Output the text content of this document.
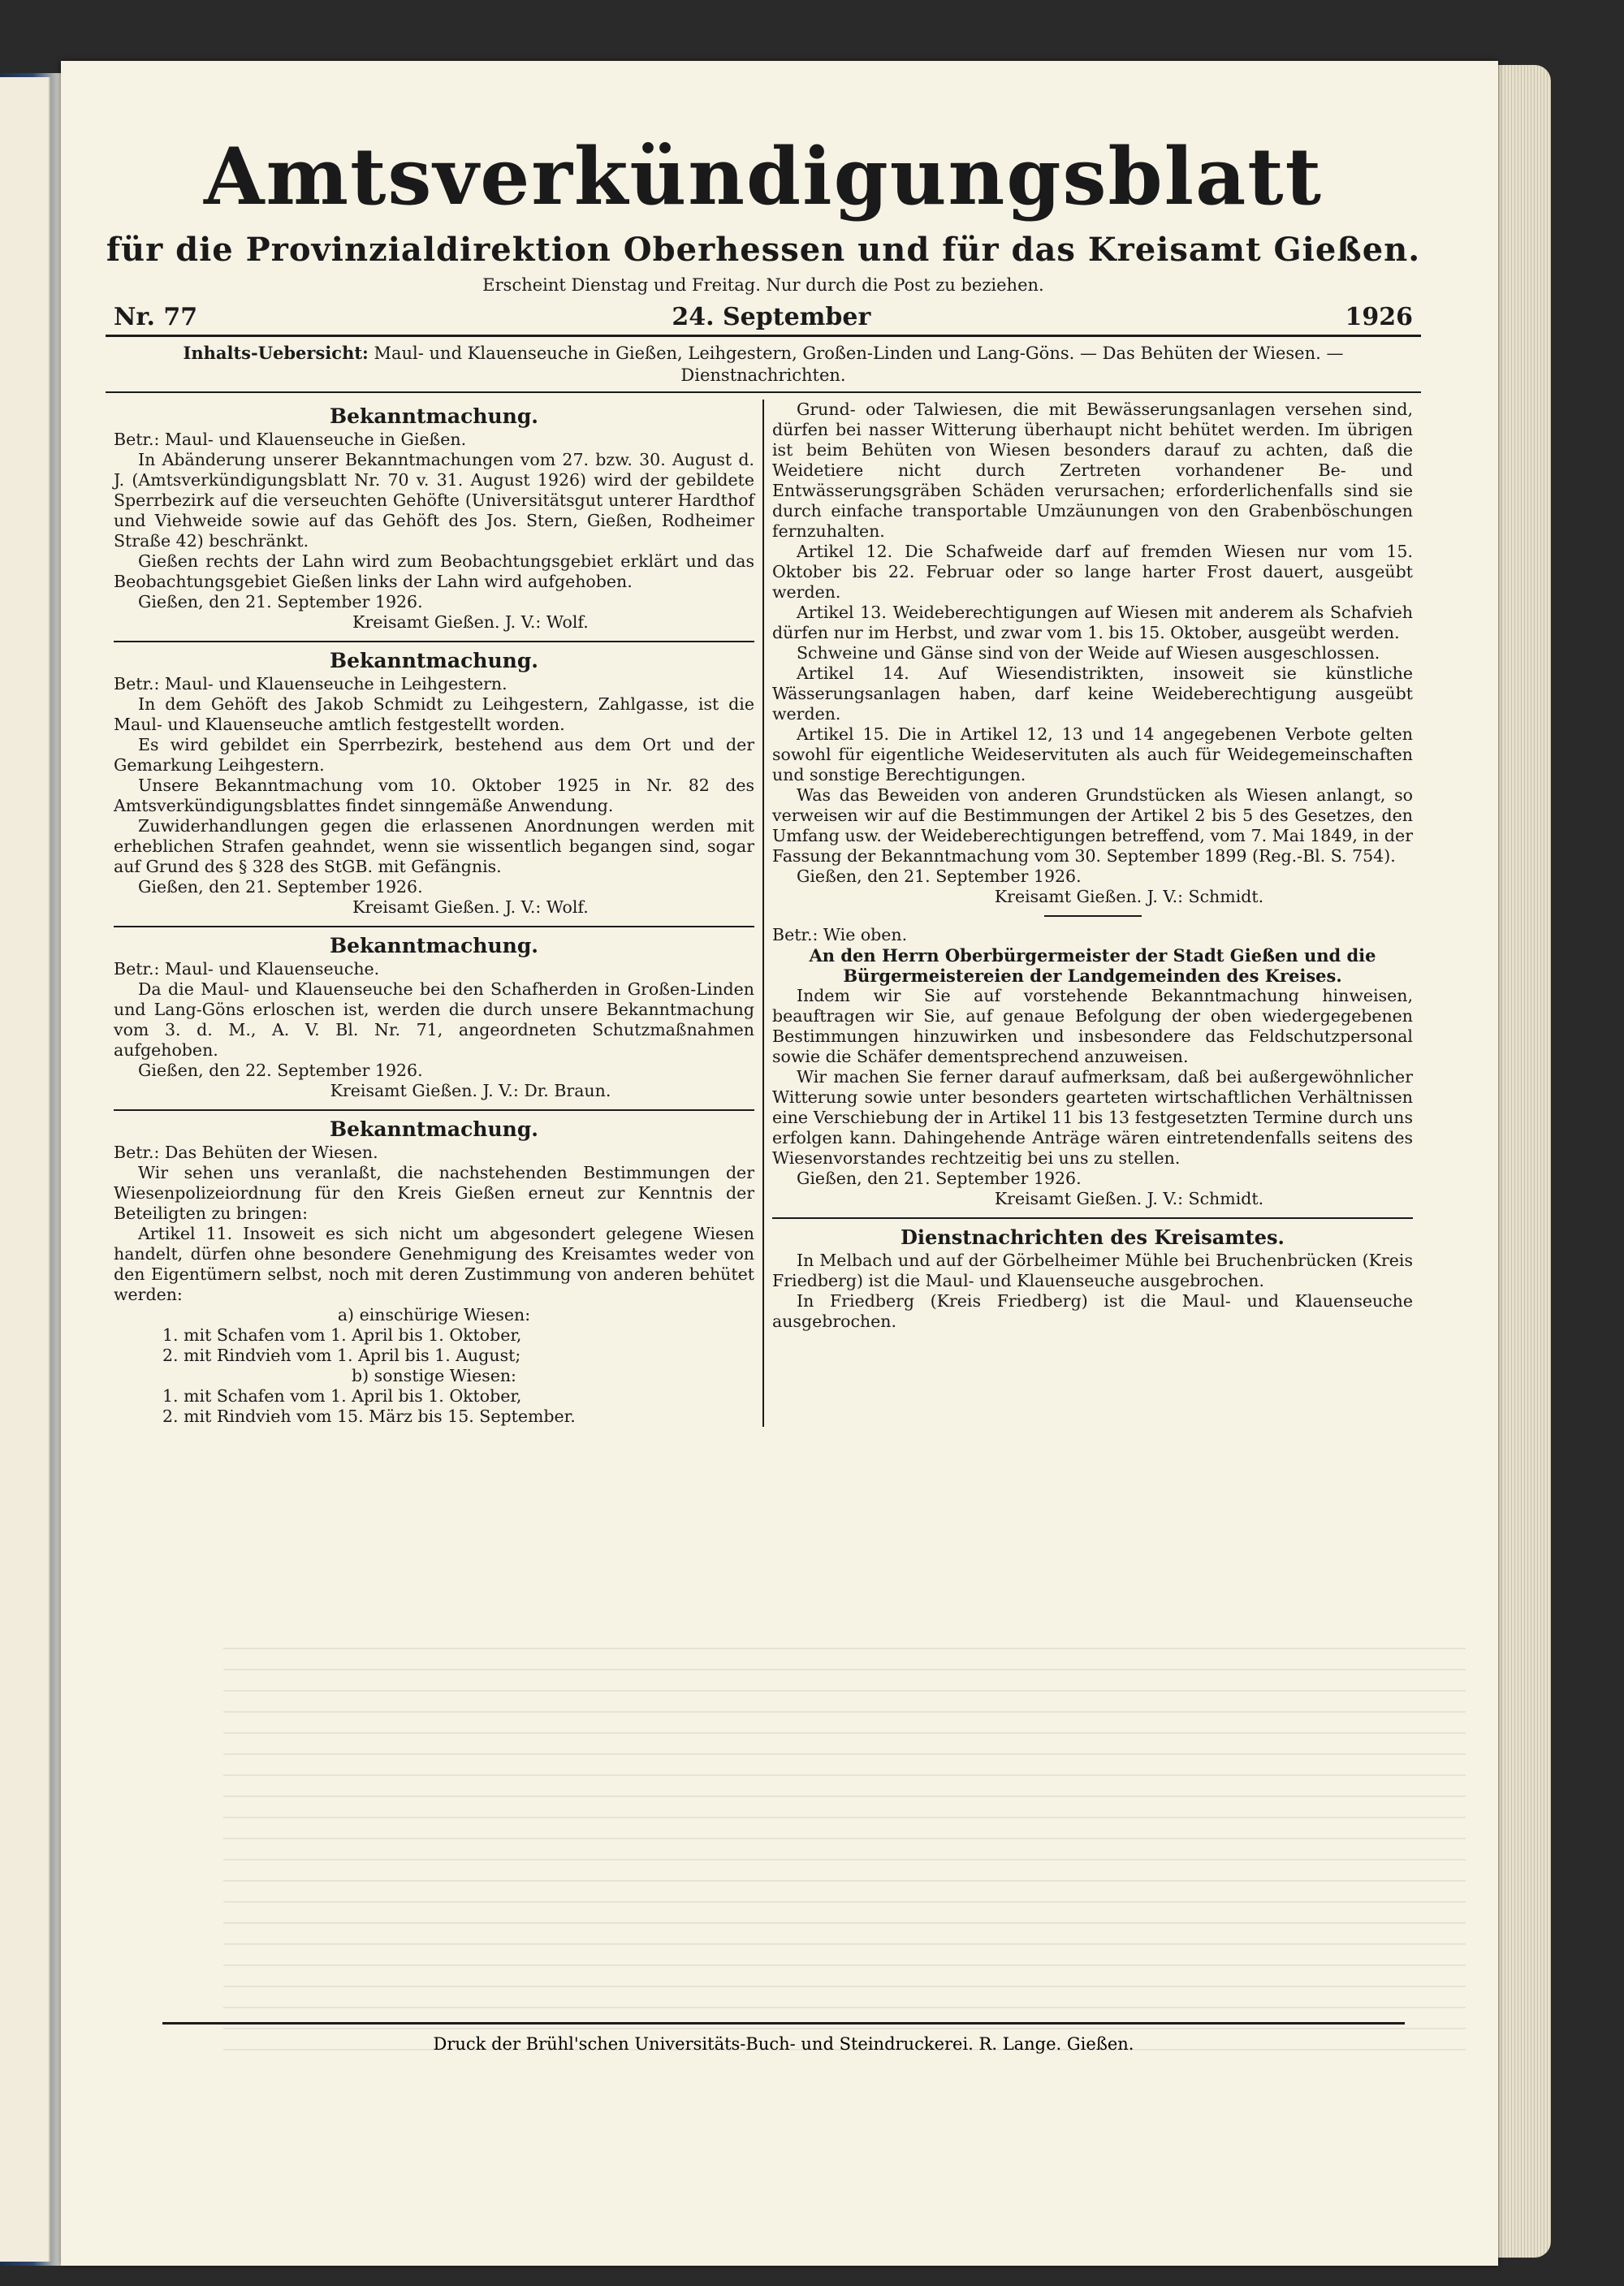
Amtsverkündigungsblatt
für die Provinzialdirektion Oberhessen und für das Kreisamt Gießen.
Erscheint Dienstag und Freitag. Nur durch die Post zu beziehen.
Nr. 77	24. September	1926
Inhalts-Uebersicht: Maul- und Klauenseuche in Gießen, Leihgestern, Großen-Linden und Lang-Göns. — Das Behüten der Wiesen. — Dienstnachrichten.
Bekanntmachung.

Betr.: Maul- und Klauenseuche in Gießen.

In Abänderung unserer Bekanntmachungen vom 27. bzw. 30. August d. J. (Amtsverkündigungsblatt Nr. 70 v. 31. August 1926) wird der gebildete Sperrbezirk auf die verseuchten Gehöfte (Universitätsgut unterer Hardthof und Viehweide sowie auf das Gehöft des Jos. Stern, Gießen, Rodheimer Straße 42) beschränkt.

Gießen rechts der Lahn wird zum Beobachtungsgebiet erklärt und das Beobachtungsgebiet Gießen links der Lahn wird aufgehoben.

Gießen, den 21. September 1926.

Kreisamt Gießen. J. V.: Wolf.

Bekanntmachung.

Betr.: Maul- und Klauenseuche in Leihgestern.

In dem Gehöft des Jakob Schmidt zu Leihgestern, Zahlgasse, ist die Maul- und Klauenseuche amtlich festgestellt worden.

Es wird gebildet ein Sperrbezirk, bestehend aus dem Ort und der Gemarkung Leihgestern.

Unsere Bekanntmachung vom 10. Oktober 1925 in Nr. 82 des Amtsverkündigungsblattes findet sinngemäße Anwendung.

Zuwiderhandlungen gegen die erlassenen Anordnungen werden mit erheblichen Strafen geahndet, wenn sie wissentlich begangen sind, sogar auf Grund des § 328 des StGB. mit Gefängnis.

Gießen, den 21. September 1926.

Kreisamt Gießen. J. V.: Wolf.

Bekanntmachung.

Betr.: Maul- und Klauenseuche.

Da die Maul- und Klauenseuche bei den Schafherden in Großen-Linden und Lang-Göns erloschen ist, werden die durch unsere Bekanntmachung vom 3. d. M., A. V. Bl. Nr. 71, angeordneten Schutzmaßnahmen aufgehoben.

Gießen, den 22. September 1926.

Kreisamt Gießen. J. V.: Dr. Braun.

Bekanntmachung.

Betr.: Das Behüten der Wiesen.

Wir sehen uns veranlaßt, die nachstehenden Bestimmungen der Wiesenpolizeiordnung für den Kreis Gießen erneut zur Kenntnis der Beteiligten zu bringen:

Artikel 11. Insoweit es sich nicht um abgesondert gelegene Wiesen handelt, dürfen ohne besondere Genehmigung des Kreisamtes weder von den Eigentümern selbst, noch mit deren Zustimmung von anderen behütet werden:

a) einschürige Wiesen:

1. mit Schafen vom 1. April bis 1. Oktober,

2. mit Rindvieh vom 1. April bis 1. August;

b) sonstige Wiesen:

1. mit Schafen vom 1. April bis 1. Oktober,

2. mit Rindvieh vom 15. März bis 15. September.

Grund- oder Talwiesen, die mit Bewässerungsanlagen versehen sind, dürfen bei nasser Witterung überhaupt nicht behütet werden. Im übrigen ist beim Behüten von Wiesen besonders darauf zu achten, daß die Weidetiere nicht durch Zertreten vorhandener Be- und Entwässerungsgräben Schäden verursachen; erforderlichenfalls sind sie durch einfache transportable Umzäunungen von den Grabenböschungen fernzuhalten.

Artikel 12. Die Schafweide darf auf fremden Wiesen nur vom 15. Oktober bis 22. Februar oder so lange harter Frost dauert, ausgeübt werden.

Artikel 13. Weideberechtigungen auf Wiesen mit anderem als Schafvieh dürfen nur im Herbst, und zwar vom 1. bis 15. Oktober, ausgeübt werden.

Schweine und Gänse sind von der Weide auf Wiesen ausgeschlossen.

Artikel 14. Auf Wiesendistrikten, insoweit sie künstliche Wässerungsanlagen haben, darf keine Weideberechtigung ausgeübt werden.

Artikel 15. Die in Artikel 12, 13 und 14 angegebenen Verbote gelten sowohl für eigentliche Weideservituten als auch für Weidegemeinschaften und sonstige Berechtigungen.

Was das Beweiden von anderen Grundstücken als Wiesen anlangt, so verweisen wir auf die Bestimmungen der Artikel 2 bis 5 des Gesetzes, den Umfang usw. der Weideberechtigungen betreffend, vom 7. Mai 1849, in der Fassung der Bekanntmachung vom 30. September 1899 (Reg.-Bl. S. 754).

Gießen, den 21. September 1926.

Kreisamt Gießen. J. V.: Schmidt.

Betr.: Wie oben.

An den Herrn Oberbürgermeister der Stadt Gießen und die Bürgermeistereien der Landgemeinden des Kreises.

Indem wir Sie auf vorstehende Bekanntmachung hinweisen, beauftragen wir Sie, auf genaue Befolgung der oben wiedergegebenen Bestimmungen hinzuwirken und insbesondere das Feldschutzpersonal sowie die Schäfer dementsprechend anzuweisen.

Wir machen Sie ferner darauf aufmerksam, daß bei außergewöhnlicher Witterung sowie unter besonders gearteten wirtschaftlichen Verhältnissen eine Verschiebung der in Artikel 11 bis 13 festgesetzten Termine durch uns erfolgen kann. Dahingehende Anträge wären eintretendenfalls seitens des Wiesenvorstandes rechtzeitig bei uns zu stellen.

Gießen, den 21. September 1926.

Kreisamt Gießen. J. V.: Schmidt.

Dienstnachrichten des Kreisamtes.

In Melbach und auf der Görbelheimer Mühle bei Bruchenbrücken (Kreis Friedberg) ist die Maul- und Klauenseuche ausgebrochen.

In Friedberg (Kreis Friedberg) ist die Maul- und Klauenseuche ausgebrochen.

Druck der Brühl'schen Universitäts-Buch- und Steindruckerei. R. Lange. Gießen.
